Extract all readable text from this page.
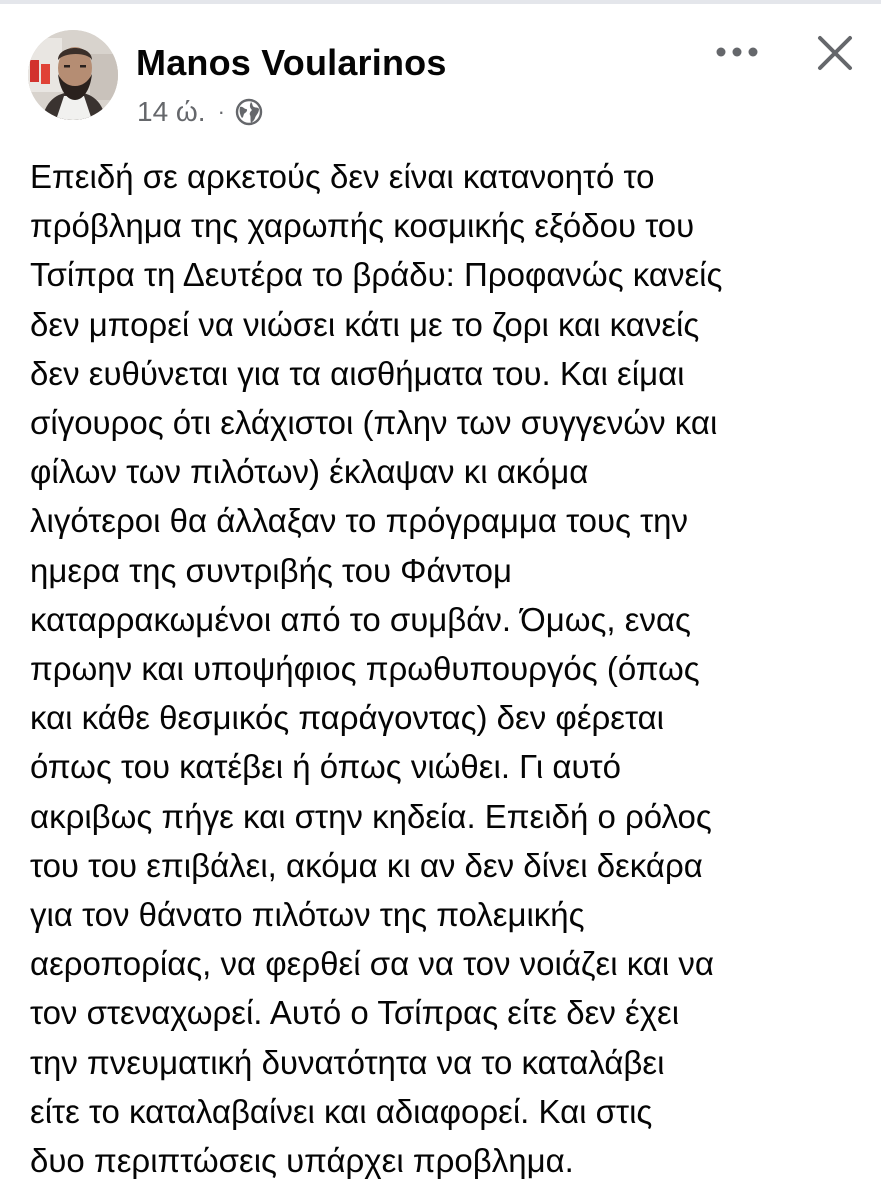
Manos Voularinos
14 ώ. ·
Επειδή σε αρκετούς δεν είναι κατανοητό το
πρόβλημα της χαρωπής κοσμικής εξόδου του
Τσίπρα τη Δευτέρα το βράδυ: Προφανώς κανείς
δεν μπορεί να νιώσει κάτι με το ζορι και κανείς
δεν ευθύνεται για τα αισθήματα του. Και είμαι
σίγουρος ότι ελάχιστοι (πλην των συγγενών και
φίλων των πιλότων) έκλαψαν κι ακόμα
λιγότεροι θα άλλαξαν το πρόγραμμα τους την
ημερα της συντριβής του Φάντομ
καταρρακωμένοι από το συμβάν. Όμως, ενας
πρωην και υποψήφιος πρωθυπουργός (όπως
και κάθε θεσμικός παράγοντας) δεν φέρεται
όπως του κατέβει ή όπως νιώθει. Γι αυτό
ακριβως πήγε και στην κηδεία. Επειδή ο ρόλος
του του επιβάλει, ακόμα κι αν δεν δίνει δεκάρα
για τον θάνατο πιλότων της πολεμικής
αεροπορίας, να φερθεί σα να τον νοιάζει και να
τον στεναχωρεί. Αυτό ο Τσίπρας είτε δεν έχει
την πνευματική δυνατότητα να το καταλάβει
είτε το καταλαβαίνει και αδιαφορεί. Και στις
δυο περιπτώσεις υπάρχει προβλημα.
